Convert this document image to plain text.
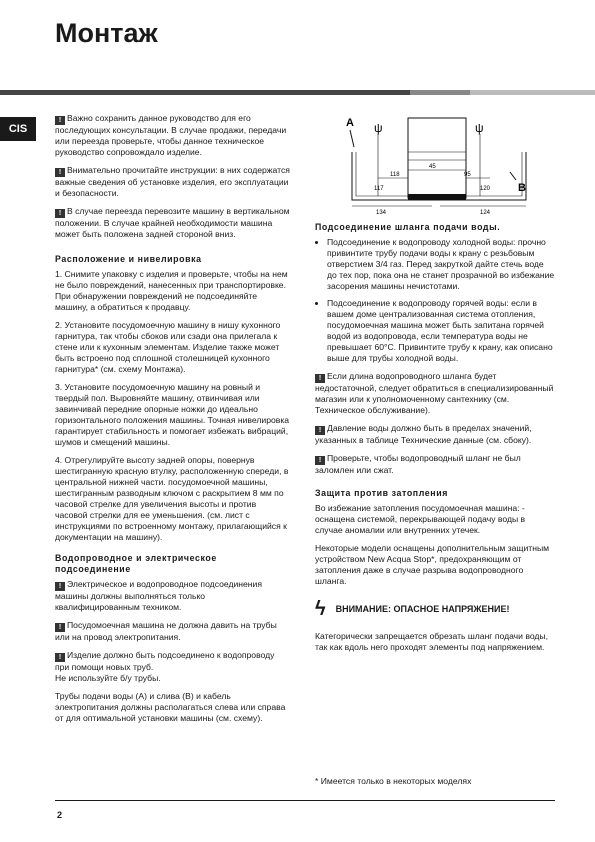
Монтаж
CIS

! Важно сохранить данное руководство для его последующих консультации. В случае продажи, передачи или переезда проверьте, чтобы данное техническое руководство сопровождало изделие.

! Внимательно прочитайте инструкции: в них содержатся важные сведения об установке изделия, его эксплуатации и безопасности.

! В случае переезда перевозите машину в вертикальном положении. В случае крайней необходимости машина может быть положена задней стороной вниз.

Расположение и нивелировка

1. Снимите упаковку с изделия и проверьте, чтобы на нем не было повреждений, нанесенных при транспортировке.

При обнаружении повреждений не подсоединяйте машину, а обратиться к продавцу.

2. Установите посудомоечную машину в нишу кухонного гарнитура, так чтобы сбоков или сзади она прилегала к стене или к кухонным элементам. Изделие также может быть встроено под сплошной столешницей кухонного гарнитура* (см. схему Монтажа).

3. Установите посудомоечную машину на ровный и твердый пол. Выровняйте машину, отвинчивая или завинчивай передние опорные ножки до идеально горизонтального положения машины. Точная нивелировка гарантирует стабильность и помогает избежать вибраций, шумов и смещений машины.

4. Отрегулируйте высоту задней опоры, повернув шестигранную красную втулку, расположенную спереди, в центральной нижней части. посудомоечной машины, шестигранным разводным ключом с раскрытием 8 мм по часовой стрелке для увеличения высоты и против часовой стрелки для ее уменьшения. (см. лист с инструкциями по встроенному монтажу, прилагающийся к документации на машину).

Водопроводное и электрическое подсоединение

! Электрическое и водопроводное подсоединения машины должны выполняться только квалифицированным техником.

! Посудомоечная машина не должна давить на трубы или на провод электропитания.

! Изделие должно быть подсоединено к водопроводу при помощи новых труб.

Не используйте б/у трубы.

Трубы подачи воды (А) и слива (В) и кабель электропитания должны располагаться слева или справа от для оптимальной установки машины (см. схему).

A
B
ψ	ψ
45
118	95
117	120
134	124
Подсоединение шланга подачи воды.
• Подсоединение к водопроводу холодной воды: прочно привинтите трубу подачи воды к крану с резьбовым отверстием 3/4 газ. Перед закруткой дайте стечь воде до тех пор, пока она не станет прозрачной во избежание засорения машины нечистотами.
• Подсоединение к водопроводу горячей воды: если в вашем доме централизованная система отопления, посудомоечная машина может быть запитана горячей водой из водопровода, если температура воды не превышает 60°С. Привинтите трубу к крану, как описано выше для трубы холодной воды.

! Если длина водопроводного шланга будет недостаточной, следует обратиться в специализированный магазин или к уполномоченному сантехнику (см. Техническое обслуживание).

! Давление воды должно быть в пределах значений, указанных в таблице Технические данные (см. сбоку).

! Проверьте, чтобы водопроводный шланг не был заломлен или сжат.

Защита против затопления

Во избежание затопления посудомоечная машина: - оснащена системой, перекрывающей подачу воды в случае аномалии или внутренних утечек.

Некоторые модели оснащены дополнительным защитным устройством New Acqua Stop*, предохраняющим от затопления даже в случае разрыва водопроводного шланга.

ϟ ВНИМАНИЕ: ОПАСНОЕ НАПРЯЖЕНИЕ!

Категорически запрещается обрезать шланг подачи воды, так как вдоль него проходят элементы под напряжением.

* Имеется только в некоторых моделях
2
